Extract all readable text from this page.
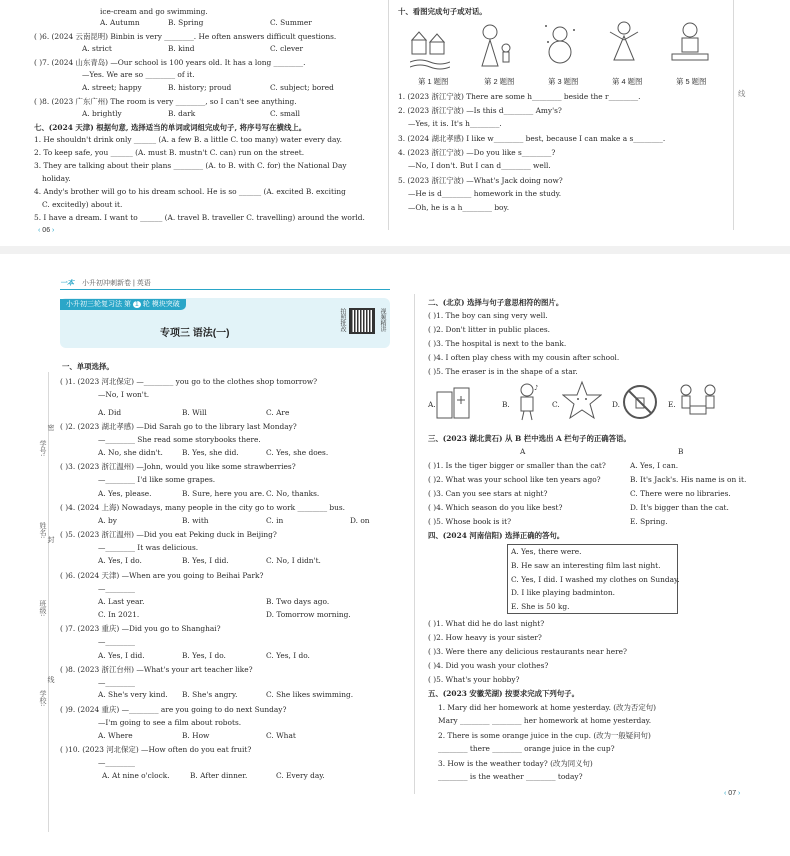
ice-cream and go swimming.
A. Autumn	B. Spring	C. Summer
( )6. (2024 云南昆明) Binbin is very ________. He often answers difficult questions.
A. strict	B. kind	C. clever
( )7. (2024 山东青岛) —Our school is 100 years old. It has a long ________.
—Yes. We are so ________ of it.
A. street; happy	B. history; proud	C. subject; bored
( )8. (2023 广东广州) The room is very ________, so I can't see anything.
A. brightly	B. dark	C. small
七、(2024 天津) 根据句意, 选择适当的单词或词组完成句子, 将序号写在横线上。
1. He shouldn't drink only ______ (A. a few B. a little C. too many) water every day.
2. To keep safe, you ______ (A. must B. mustn't C. can) run on the street.
3. They are talking about their plans ________ (A. to B. with C. for) the National Day
holiday.
4. Andy's brother will go to his dream school. He is so ______ (A. excited B. exciting
C. excitedly) about it.
5. I have a dream. I want to ______ (A. travel B. traveller C. travelling) around the world.
‹ 06 ›
十、看图完成句子或对话。
第 1 题图	第 2 题图	第 3 题图	第 4 题图	第 5 题图
1. (2023 浙江宁波) There are some h________ beside the r________.
2. (2023 浙江宁波) —Is this d________ Amy's?
—Yes, it is. It's h________.
3. (2024 湖北孝感) I like w________ best, because I can make a s________.
4. (2023 浙江宁波) —Do you like s________?
—No, I don't. But I can d________ well.
5. (2023 浙江宁波) —What's Jack doing now?
—He is d________ homework in the study.
—Oh, he is a h________ boy.
线
一本 小升初冲刺新卷 | 英语
小升初三轮复习法 第 1 轮 模块突破
专项三 语法(一)
拍照批改	视频精讲
学号:
姓名:
班级:
学校:
密
封
线
一、单项选择。
( )1. (2023 河北保定) —________ you go to the clothes shop tomorrow?
—No, I won't.
A. Did	B. Will	C. Are
( )2. (2023 湖北孝感) —Did Sarah go to the library last Monday?
—________ She read some storybooks there.
A. No, she didn't.	B. Yes, she did.	C. Yes, she does.
( )3. (2023 浙江温州) —John, would you like some strawberries?
—________ I'd like some grapes.
A. Yes, please.	B. Sure, here you are. C. No, thanks.
( )4. (2024 上海) Nowadays, many people in the city go to work ________ bus.
A. by	B. with	C. in	D. on
( )5. (2023 浙江温州) —Did you eat Peking duck in Beijing?
—________ It was delicious.
A. Yes, I do.	B. Yes, I did.	C. No, I didn't.
( )6. (2024 天津) —When are you going to Beihai Park?
—________
A. Last year.	B. Two days ago.
C. In 2021.	D. Tomorrow morning.
( )7. (2023 重庆) —Did you go to Shanghai?
—________
A. Yes, I did.	B. Yes, I do.	C. Yes, I do.
( )8. (2023 浙江台州) —What's your art teacher like?
—________
A. She's very kind. B. She's angry.	C. She likes swimming.
( )9. (2024 重庆) —________ are you going to do next Sunday?
—I'm going to see a film about robots.
A. Where	B. How	C. What
( )10. (2023 河北保定) —How often do you eat fruit?
—________
A. At nine o'clock.	B. After dinner.	C. Every day.
二、(北京) 选择与句子意思相符的图片。
( )1. The boy can sing very well.
( )2. Don't litter in public places.
( )3. The hospital is next to the bank.
( )4. I often play chess with my cousin after school.
( )5. The eraser is in the shape of a star.
三、(2023 湖北黄石) 从 B 栏中选出 A 栏句子的正确答语。
A	B
( )1. Is the tiger bigger or smaller than the cat?	A. Yes, I can.
( )2. What was your school like ten years ago?	B. It's Jack's. His name is on it.
( )3. Can you see stars at night?	C. There were no libraries.
( )4. Which season do you like best?	D. It's bigger than the cat.
( )5. Whose book is it?	E. Spring.
四、(2024 河南信阳) 选择正确的答句。
( )1. What did he do last night?
( )2. How heavy is your sister?
( )3. Were there any delicious restaurants near here?
( )4. Did you wash your clothes?
( )5. What's your hobby?
五、(2023 安徽芜湖) 按要求完成下列句子。
1. Mary did her homework at home yesterday. (改为否定句)
Mary ________ ________ her homework at home yesterday.
2. There is some orange juice in the cup. (改为一般疑问句)
________ there ________ orange juice in the cup?
3. How is the weather today? (改为同义句)
________ is the weather ________ today?
A.	B.
♪
C.	D.	E.
A. Yes, there were.
B. He saw an interesting film last night.
C. Yes, I did. I washed my clothes on Sunday.
D. I like playing badminton.
E. She is 50 kg.
‹ 07 ›
